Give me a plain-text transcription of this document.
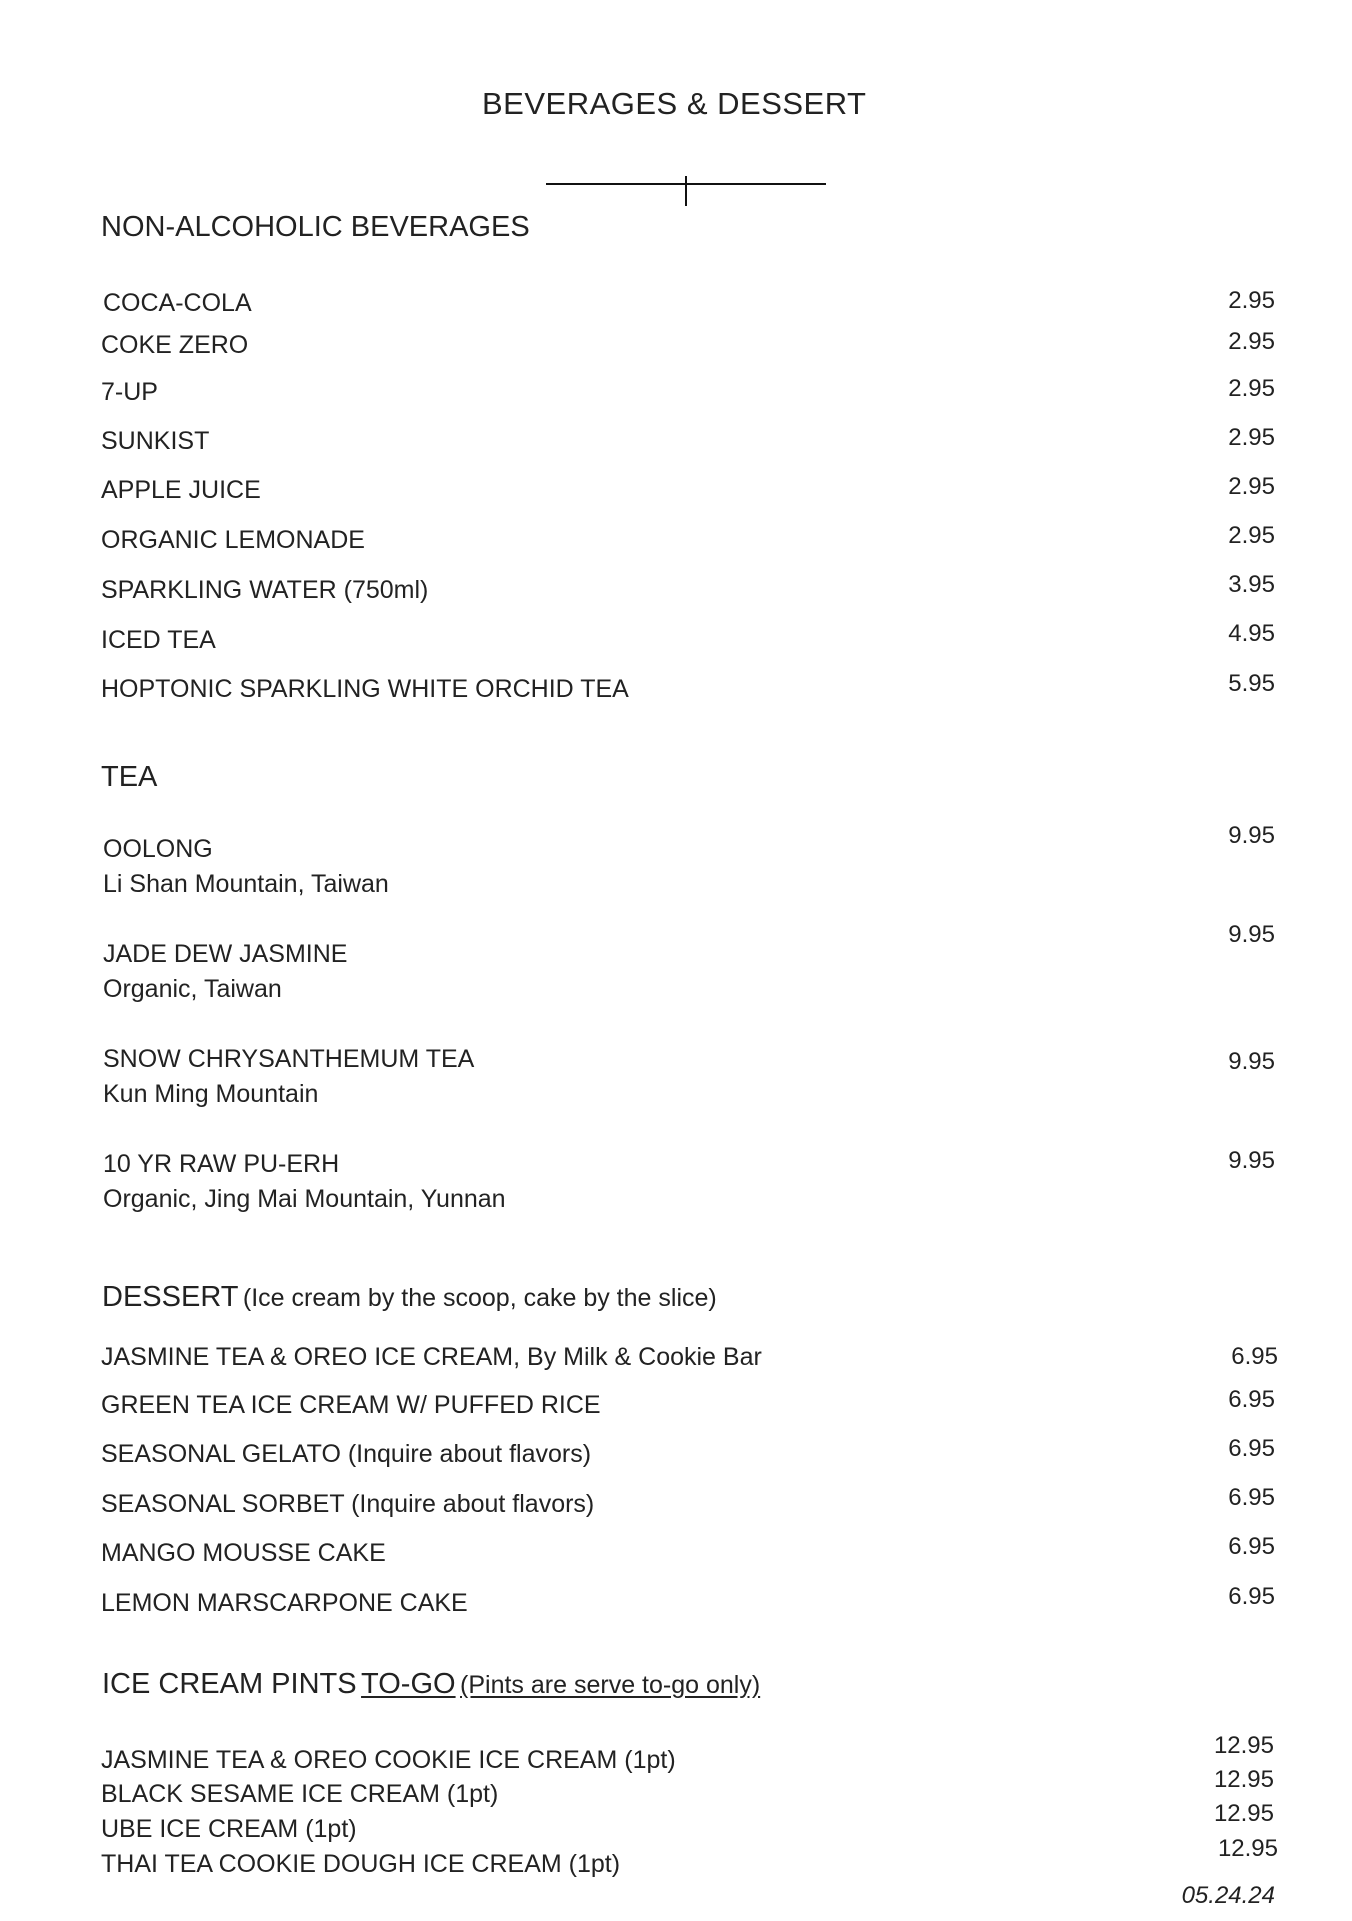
BEVERAGES & DESSERT
NON-ALCOHOLIC BEVERAGES
COCA-COLA	2.95
COKE ZERO	2.95
7-UP	2.95
SUNKIST	2.95
APPLE JUICE	2.95
ORGANIC LEMONADE	2.95
SPARKLING WATER (750ml)	3.95
ICED TEA	4.95
HOPTONIC SPARKLING WHITE ORCHID TEA	5.95
TEA
OOLONG
Li Shan Mountain, Taiwan
9.95
JADE DEW JASMINE
Organic, Taiwan
9.95
SNOW CHRYSANTHEMUM TEA
Kun Ming Mountain
9.95
10 YR RAW PU-ERH
Organic, Jing Mai Mountain, Yunnan
9.95
DESSERT (Ice cream by the scoop, cake by the slice)
JASMINE TEA & OREO ICE CREAM, By Milk & Cookie Bar	6.95
GREEN TEA ICE CREAM W/ PUFFED RICE	6.95
SEASONAL GELATO (Inquire about flavors)	6.95
SEASONAL SORBET (Inquire about flavors)	6.95
MANGO MOUSSE CAKE	6.95
LEMON MARSCARPONE CAKE	6.95
ICE CREAM PINTS TO-GO (Pints are serve to-go only)
JASMINE TEA & OREO COOKIE ICE CREAM (1pt)
12.95
BLACK SESAME ICE CREAM (1pt)
12.95
UBE ICE CREAM (1pt)
12.95
THAI TEA COOKIE DOUGH ICE CREAM (1pt)
12.95
05.24.24
